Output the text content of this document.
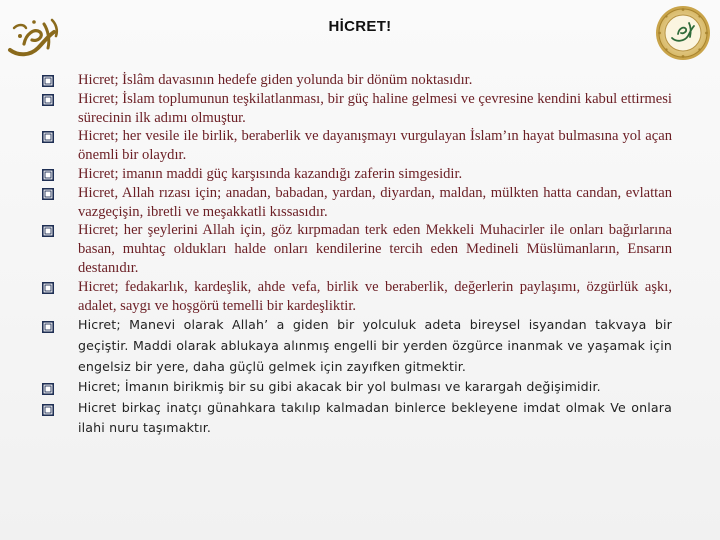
HİCRET!
Hicret; İslâm davasının hedefe giden yolunda bir dönüm noktasıdır.
Hicret; İslam toplumunun teşkilatlanması, bir güç haline gelmesi ve çevresine kendini kabul ettirmesi sürecinin ilk adımı olmuştur.
Hicret; her vesile ile birlik, beraberlik ve dayanışmayı vurgulayan İslam’ın hayat bulmasına yol açan önemli bir olaydır.
Hicret; imanın maddi güç karşısında kazandığı zaferin simgesidir.
Hicret, Allah rızası için; anadan, babadan, yardan, diyardan, maldan, mülkten hatta candan, evlattan vazgeçişin, ibretli ve meşakkatli kıssasıdır.
Hicret; her şeylerini Allah için, göz kırpmadan terk eden Mekkeli Muhacirler ile onları bağırlarına basan, muhtaç oldukları halde onları kendilerine tercih eden Medineli Müslümanların, Ensarın destanıdır.
Hicret; fedakarlık, kardeşlik, ahde vefa, birlik ve beraberlik, değerlerin paylaşımı, özgürlük aşkı, adalet, saygı ve hoşgörü temelli bir kardeşliktir.
Hicret; Manevi olarak Allah’ a giden bir yolculuk adeta bireysel isyandan takvaya bir geçiştir. Maddi olarak ablukaya alınmış engelli bir yerden özgürce inanmak ve yaşamak için engelsiz bir yere, daha güçlü gelmek için zayıfken gitmektir.
Hicret; İmanın birikmiş bir su gibi akacak bir yol bulması ve karargah değişimidir.
Hicret birkaç inatçı günahkara takılıp kalmadan binlerce bekleyene imdat olmak Ve onlara ilahi nuru taşımaktır.
